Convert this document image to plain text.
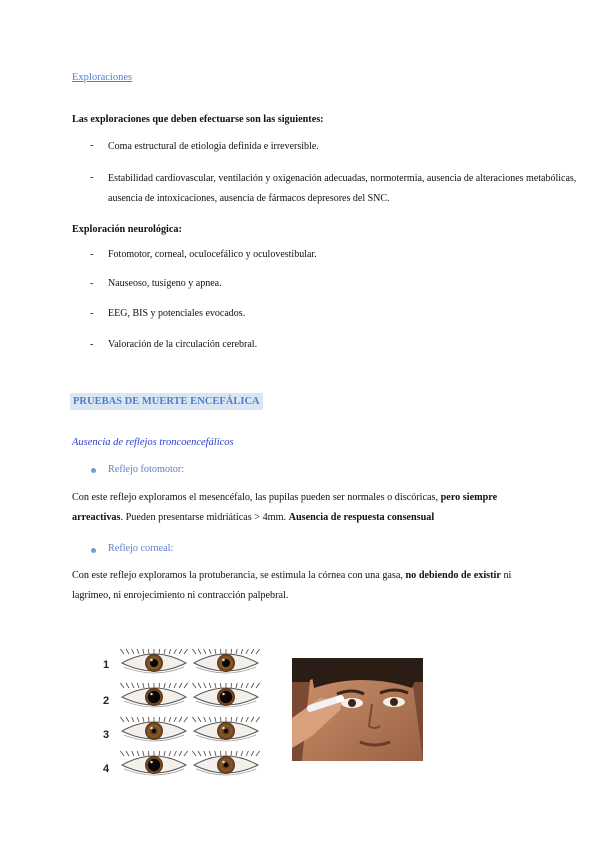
Exploraciones
Las exploraciones que deben efectuarse son las siguientes:
- Coma estructural de etiología definida e irreversible.
- Estabilidad cardiovascular, ventilación y oxigenación adecuadas, normotermia, ausencia de alteraciones metabólicas, ausencia de intoxicaciones, ausencia de fármacos depresores del SNC.
Exploración neurológica:
- Fotomotor, corneal, oculocefálico y oculovestibular.
- Nauseoso, tusígeno y apnea.
- EEG, BIS y potenciales evocados.
- Valoración de la circulación cerebral.
PRUEBAS DE MUERTE ENCEFÁLICA
Ausencia de reflejos troncoencefálicos
Reflejo fotomotor:
Con este reflejo exploramos el mesencéfalo, las pupilas pueden ser normales o discóricas, pero siempre arreactivas. Pueden presentarse midriáticas > 4mm. Ausencia de respuesta consensual
Reflejo corneal:
Con este reflejo exploramos la protuberancia, se estimula la córnea con una gasa, no debiendo de existir ni lagrimeo, ni enrojecimiento ni contracción palpebral.
1
2
3
4
